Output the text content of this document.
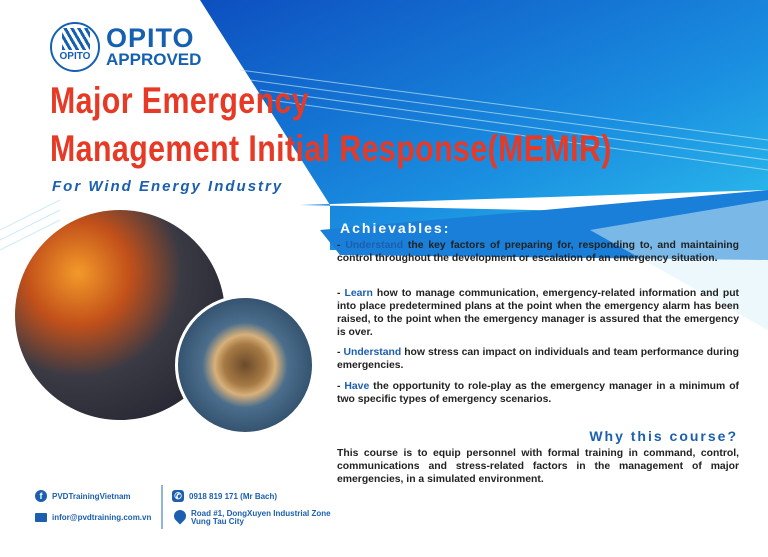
OPITO
OPITO
APPROVED
Major Emergency
Management Initial Response(MEMIR)
For Wind Energy Industry
Achievables:
- Understand the key factors of preparing for, responding to, and maintaining control throughout the development or escalation of an emergency situation.
- Learn how to manage communication, emergency-related information and put into place predetermined plans at the point when the emergency alarm has been raised, to the point when the emergency manager is assured that the emergency is over.
- Understand how stress can impact on individuals and team performance during emergencies.
- Have the opportunity to role-play as the emergency manager in a minimum of two specific types of emergency scenarios.
Why this course?
This course is to equip personnel with formal training in command, control, communications and stress-related factors in the management of major emergencies, in a simulated environment.
f	PVDTrainingVietnam
infor@pvdtraining.com.vn
✆ 0918 819 171 (Mr Bach)
Road #1, DongXuyen Industrial Zone
Vung Tau City
